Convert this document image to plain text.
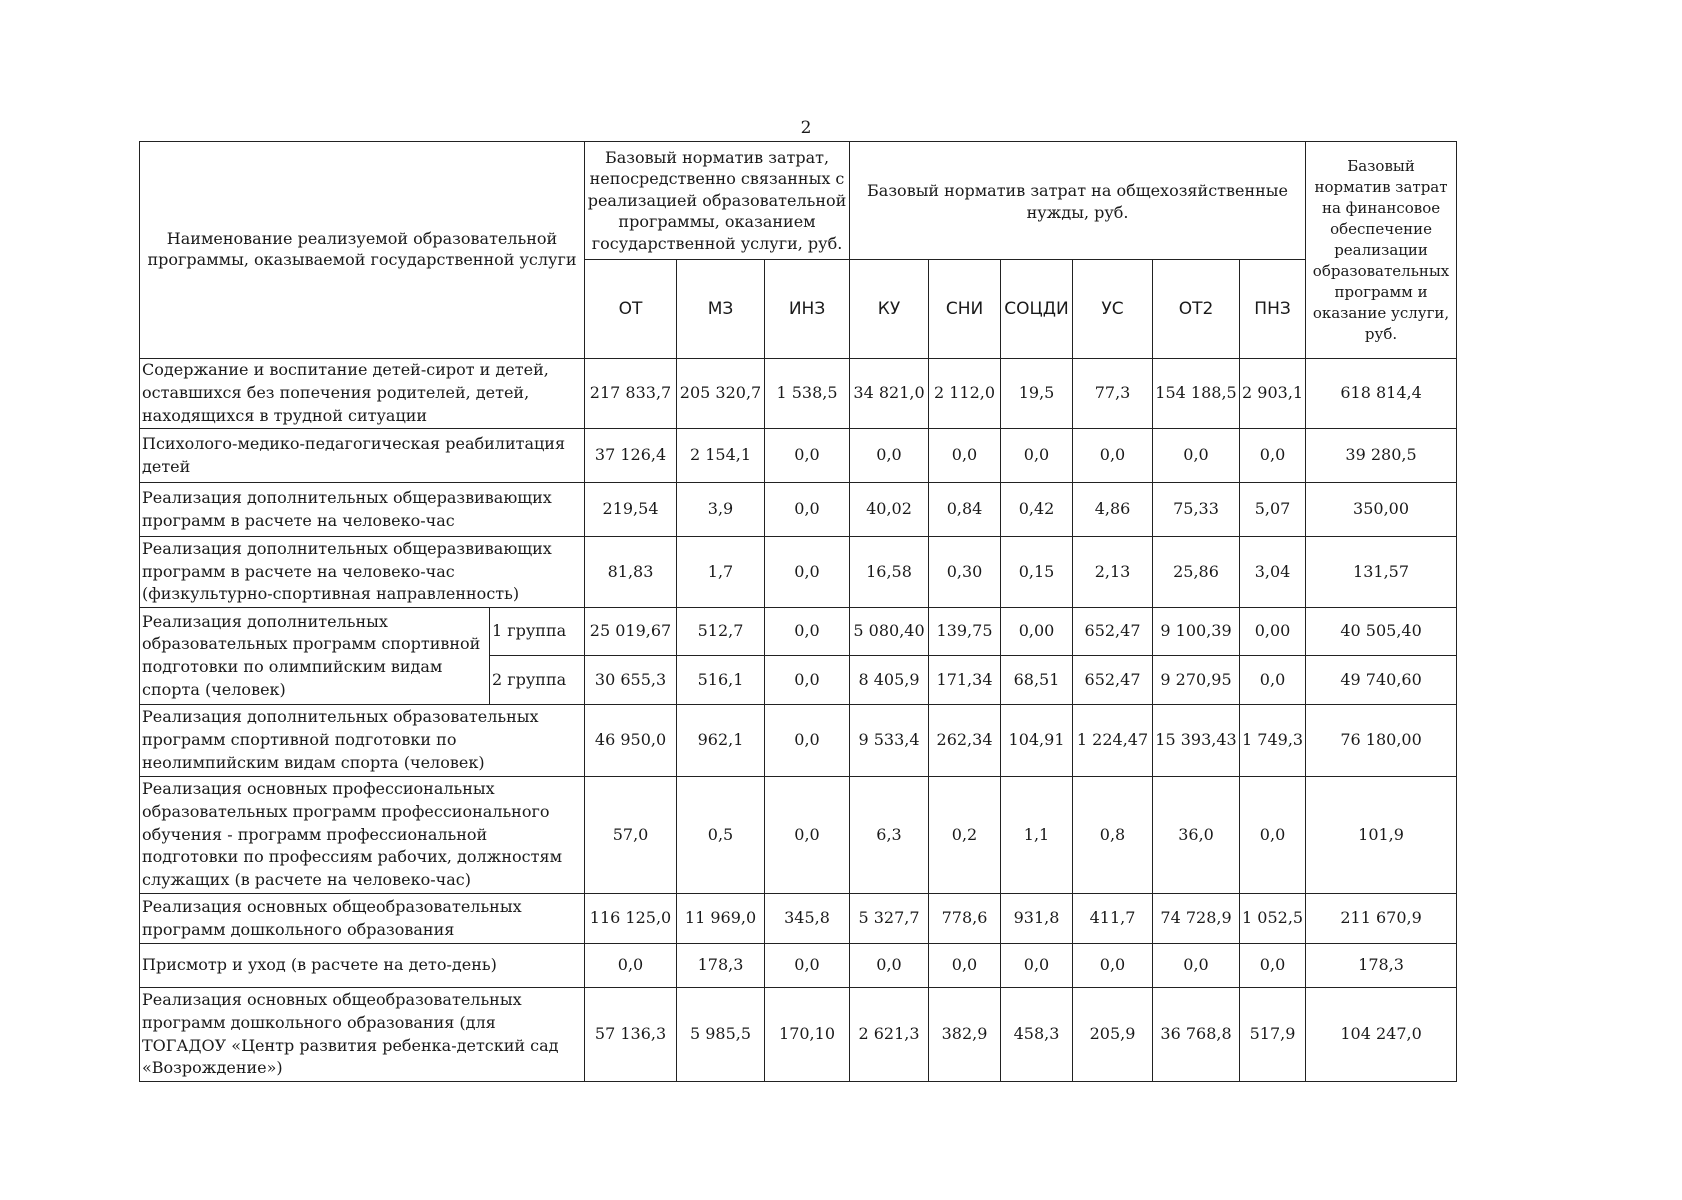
2
Наименование реализуемой образовательной программы, оказываемой государственной услуги		Базовый норматив затрат, непосредственно связанных с реализацией образовательной программы, оказанием государственной услуги, руб.			Базовый норматив затрат на общехозяйственные нужды, руб.						Базовый норматив затрат на финансовое обеспечение реализации образовательных программ и оказание услуги, руб.
		ОТ	МЗ	ИНЗ	КУ	СНИ	СОЦДИ	УС	ОТ2	ПНЗ	
Содержание и воспитание детей-сирот и детей, оставшихся без попечения родителей, детей, находящихся в трудной ситуации		217 833,7	205 320,7	1 538,5	34 821,0	2 112,0	19,5	77,3	154 188,5	2 903,1	618 814,4
Психолого-медико-педагогическая реабилитация детей		37 126,4	2 154,1	0,0	0,0	0,0	0,0	0,0	0,0	0,0	39 280,5
Реализация дополнительных общеразвивающих программ в расчете на человеко-час		219,54	3,9	0,0	40,02	0,84	0,42	4,86	75,33	5,07	350,00
Реализация дополнительных общеразвивающих программ в расчете на человеко-час (физкультурно-спортивная направленность)		81,83	1,7	0,0	16,58	0,30	0,15	2,13	25,86	3,04	131,57
Реализация дополнительных образовательных программ спортивной подготовки по олимпийским видам спорта (человек)	1 группа	25 019,67	512,7	0,0	5 080,40	139,75	0,00	652,47	9 100,39	0,00	40 505,40
	2 группа	30 655,3	516,1	0,0	8 405,9	171,34	68,51	652,47	9 270,95	0,0	49 740,60
Реализация дополнительных образовательных программ спортивной подготовки по неолимпийским видам спорта (человек)		46 950,0	962,1	0,0	9 533,4	262,34	104,91	1 224,47	15 393,43	1 749,3	76 180,00
Реализация основных профессиональных образовательных программ профессионального обучения - программ профессиональной подготовки по профессиям рабочих, должностям служащих (в расчете на человеко-час)		57,0	0,5	0,0	6,3	0,2	1,1	0,8	36,0	0,0	101,9
Реализация основных общеобразовательных программ дошкольного образования		116 125,0	11 969,0	345,8	5 327,7	778,6	931,8	411,7	74 728,9	1 052,5	211 670,9
Присмотр и уход (в расчете на дето-день)		0,0	178,3	0,0	0,0	0,0	0,0	0,0	0,0	0,0	178,3
Реализация основных общеобразовательных программ дошкольного образования (для ТОГАДОУ «Центр развития ребенка-детский сад «Возрождение»)		57 136,3	5 985,5	170,10	2 621,3	382,9	458,3	205,9	36 768,8	517,9	104 247,0
